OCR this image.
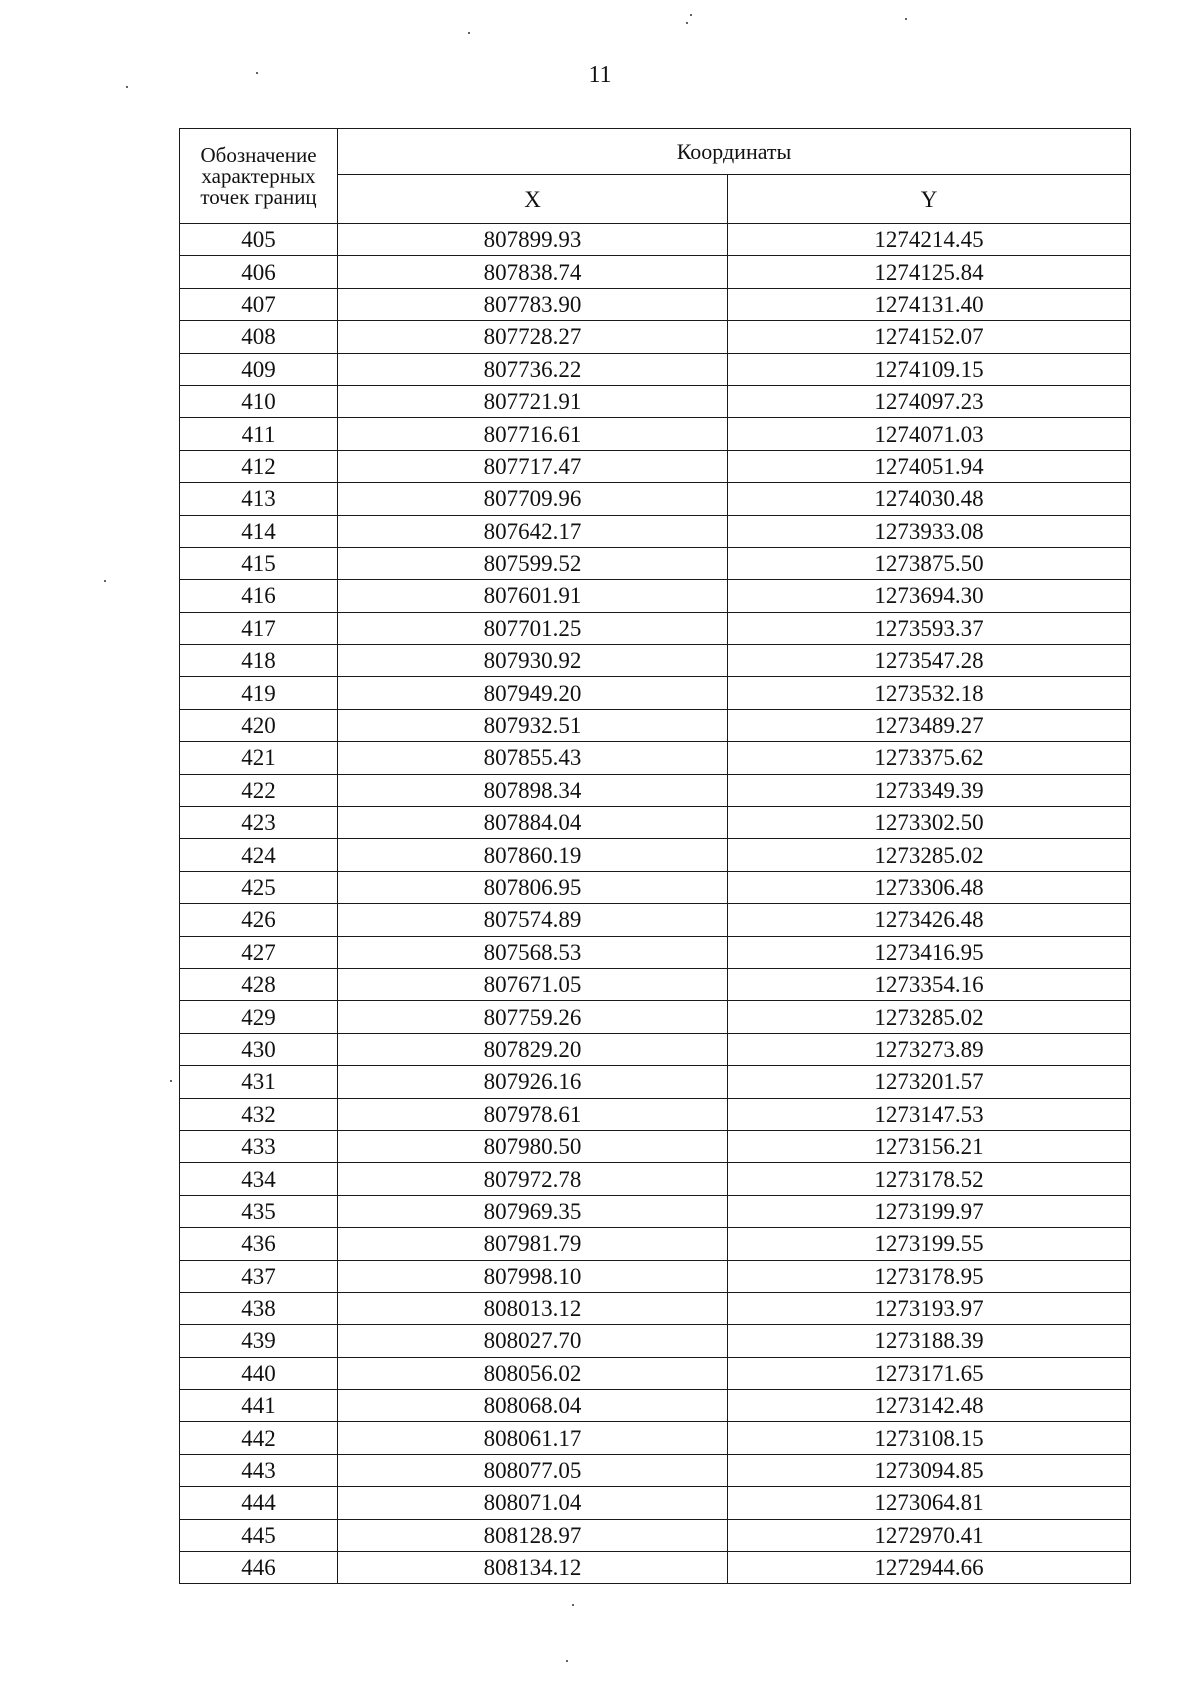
11
Обозначение характерных точек границ	Координаты	
	X	Y
405	807899.93	1274214.45
406	807838.74	1274125.84
407	807783.90	1274131.40
408	807728.27	1274152.07
409	807736.22	1274109.15
410	807721.91	1274097.23
411	807716.61	1274071.03
412	807717.47	1274051.94
413	807709.96	1274030.48
414	807642.17	1273933.08
415	807599.52	1273875.50
416	807601.91	1273694.30
417	807701.25	1273593.37
418	807930.92	1273547.28
419	807949.20	1273532.18
420	807932.51	1273489.27
421	807855.43	1273375.62
422	807898.34	1273349.39
423	807884.04	1273302.50
424	807860.19	1273285.02
425	807806.95	1273306.48
426	807574.89	1273426.48
427	807568.53	1273416.95
428	807671.05	1273354.16
429	807759.26	1273285.02
430	807829.20	1273273.89
431	807926.16	1273201.57
432	807978.61	1273147.53
433	807980.50	1273156.21
434	807972.78	1273178.52
435	807969.35	1273199.97
436	807981.79	1273199.55
437	807998.10	1273178.95
438	808013.12	1273193.97
439	808027.70	1273188.39
440	808056.02	1273171.65
441	808068.04	1273142.48
442	808061.17	1273108.15
443	808077.05	1273094.85
444	808071.04	1273064.81
445	808128.97	1272970.41
446	808134.12	1272944.66
